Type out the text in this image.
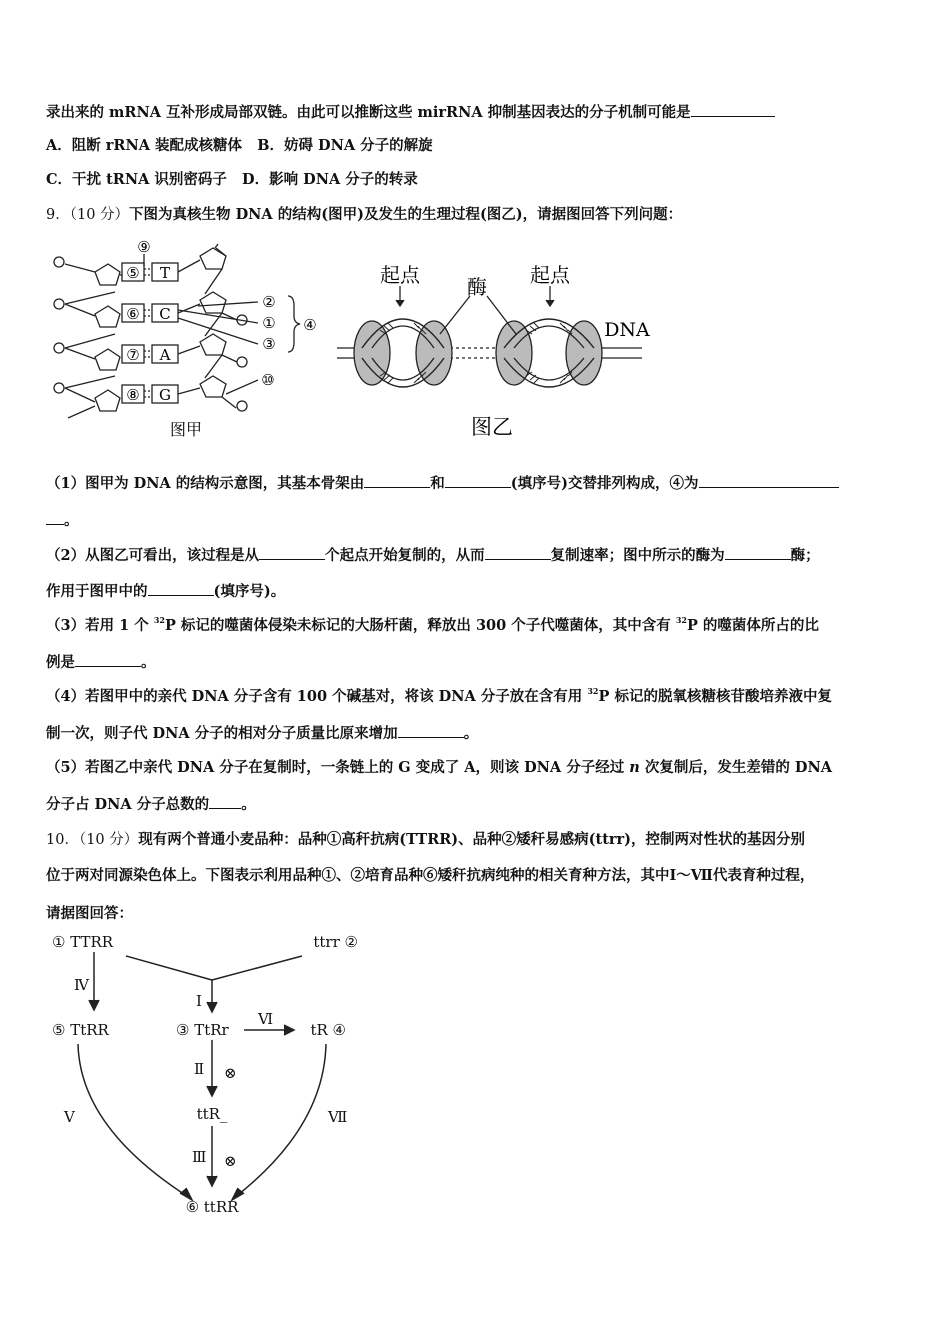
录出来的 mRNA 互补形成局部双链。由此可以推断这些 mirRNA 抑制基因表达的分子机制可能是
A．阻断 rRNA 装配成核糖体 B．妨碍 DNA 分子的解旋
C．干扰 tRNA 识别密码子 D．影响 DNA 分子的转录
9．（10 分）下图为真核生物 DNA 的结构(图甲)及发生的生理过程(图乙)，请据图回答下列问题：
⑤ T
⑥ C
⑦ A
⑧ G
⑨
②
①
③
④
⑩
图甲
起点 酶 起点
DNA
图乙
（1）图甲为 DNA 的结构示意图，其基本骨架由	和	(填序号)交替排列构成，④为
。
（2）从图乙可看出，该过程是从	个起点开始复制的，从而	复制速率；图中所示的酶为	酶；
作用于图甲中的	(填序号)。
（3）若用 1 个 $^{32}$P 标记的噬菌体侵染未标记的大肠杆菌，释放出 300 个子代噬菌体，其中含有 $^{32}$P 的噬菌体所占的比
例是	。
（4）若图甲中的亲代 DNA 分子含有 100 个碱基对，将该 DNA 分子放在含有用 $^{32}$P 标记的脱氧核糖核苷酸培养液中复
制一次，则子代 DNA 分子的相对分子质量比原来增加	。
（5）若图乙中亲代 DNA 分子在复制时，一条链上的 G 变成了 A，则该 DNA 分子经过 n 次复制后，发生差错的 DNA
分子占 DNA 分子总数的 。
10．（10 分）现有两个普通小麦品种：品种①高秆抗病(TTRR)、品种②矮秆易感病(ttrr)，控制两对性状的基因分别
位于两对同源染色体上。下图表示利用品种①、②培育品种⑥矮秆抗病纯种的相关育种方法，其中Ⅰ～Ⅶ代表育种过程，
请据图回答：
① TTRR	ttrr ②
③ TtRr	tR ④
⑤ TtRR
ttR_
⑥ ttRR
Ⅰ
Ⅳ
Ⅵ
Ⅱ ⊗
Ⅲ ⊗
Ⅴ	Ⅶ
